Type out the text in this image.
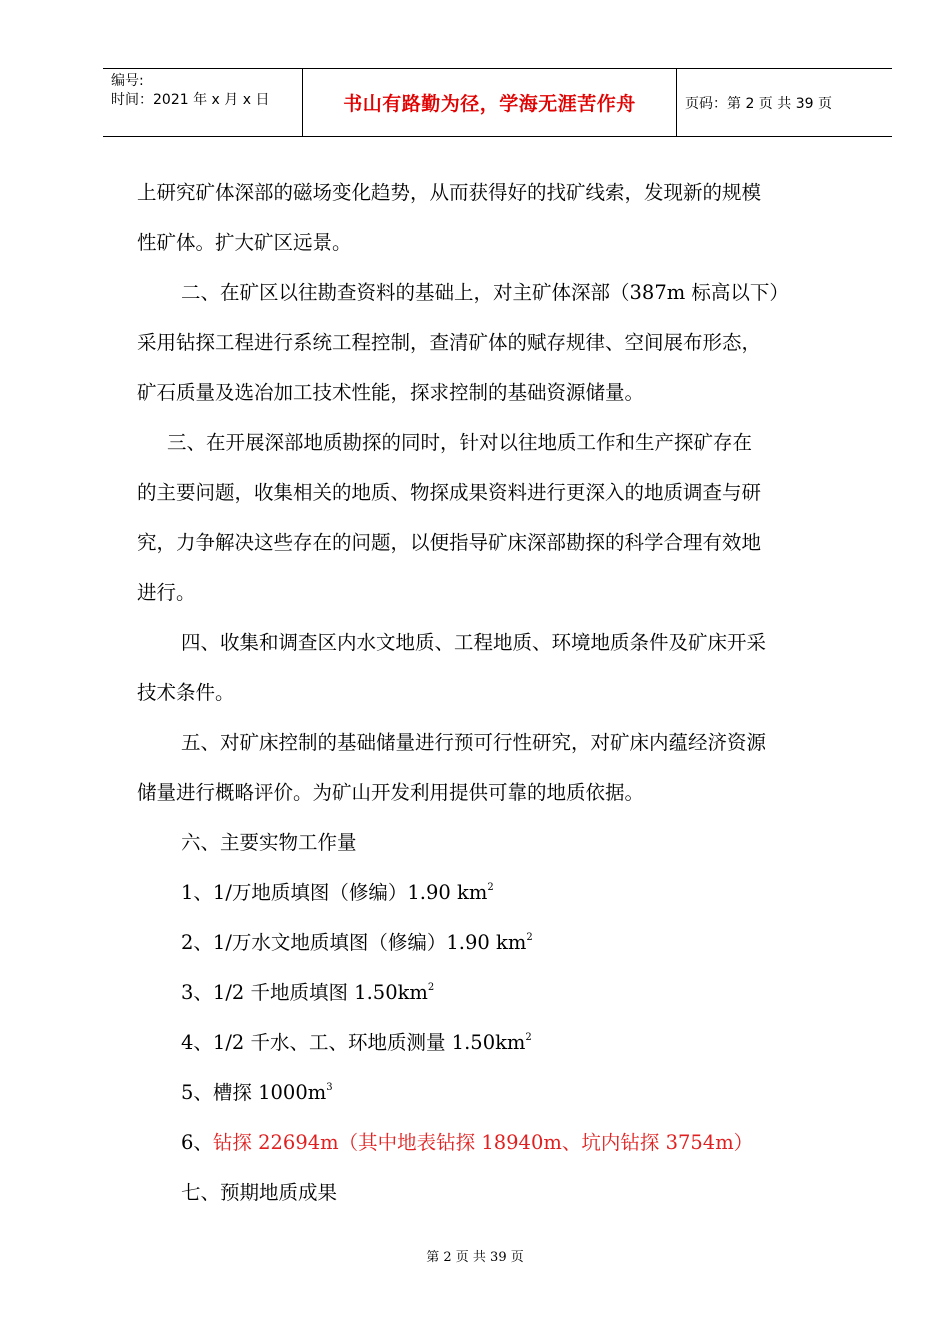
编号:
时间：2021 年 x 月 x 日	书山有路勤为径，学海无涯苦作舟	页码：第 2 页 共 39 页
上研究矿体深部的磁场变化趋势，从而获得好的找矿线索，发现新的规模
性矿体。扩大矿区远景。
二、在矿区以往勘查资料的基础上，对主矿体深部（387m 标高以下）
采用钻探工程进行系统工程控制，查清矿体的赋存规律、空间展布形态，
矿石质量及选冶加工技术性能，探求控制的基础资源储量。
三、在开展深部地质勘探的同时，针对以往地质工作和生产探矿存在
的主要问题，收集相关的地质、物探成果资料进行更深入的地质调查与研
究，力争解决这些存在的问题，以便指导矿床深部勘探的科学合理有效地
进行。
四、收集和调查区内水文地质、工程地质、环境地质条件及矿床开采
技术条件。
五、对矿床控制的基础储量进行预可行性研究，对矿床内蕴经济资源
储量进行概略评价。为矿山开发利用提供可靠的地质依据。
六、主要实物工作量
1、1/万地质填图（修编）1.90 $km^2$
2、1/万水文地质填图（修编）1.90 $km^2$
3、1/2 千地质填图 $1.50km^2$
4、1/2 千水、工、环地质测量 $1.50km^2$
5、槽探 $1000m^3$
6、钻探 22694m（其中地表钻探 18940m、坑内钻探 3754m）
七、预期地质成果
第 2 页 共 39 页
